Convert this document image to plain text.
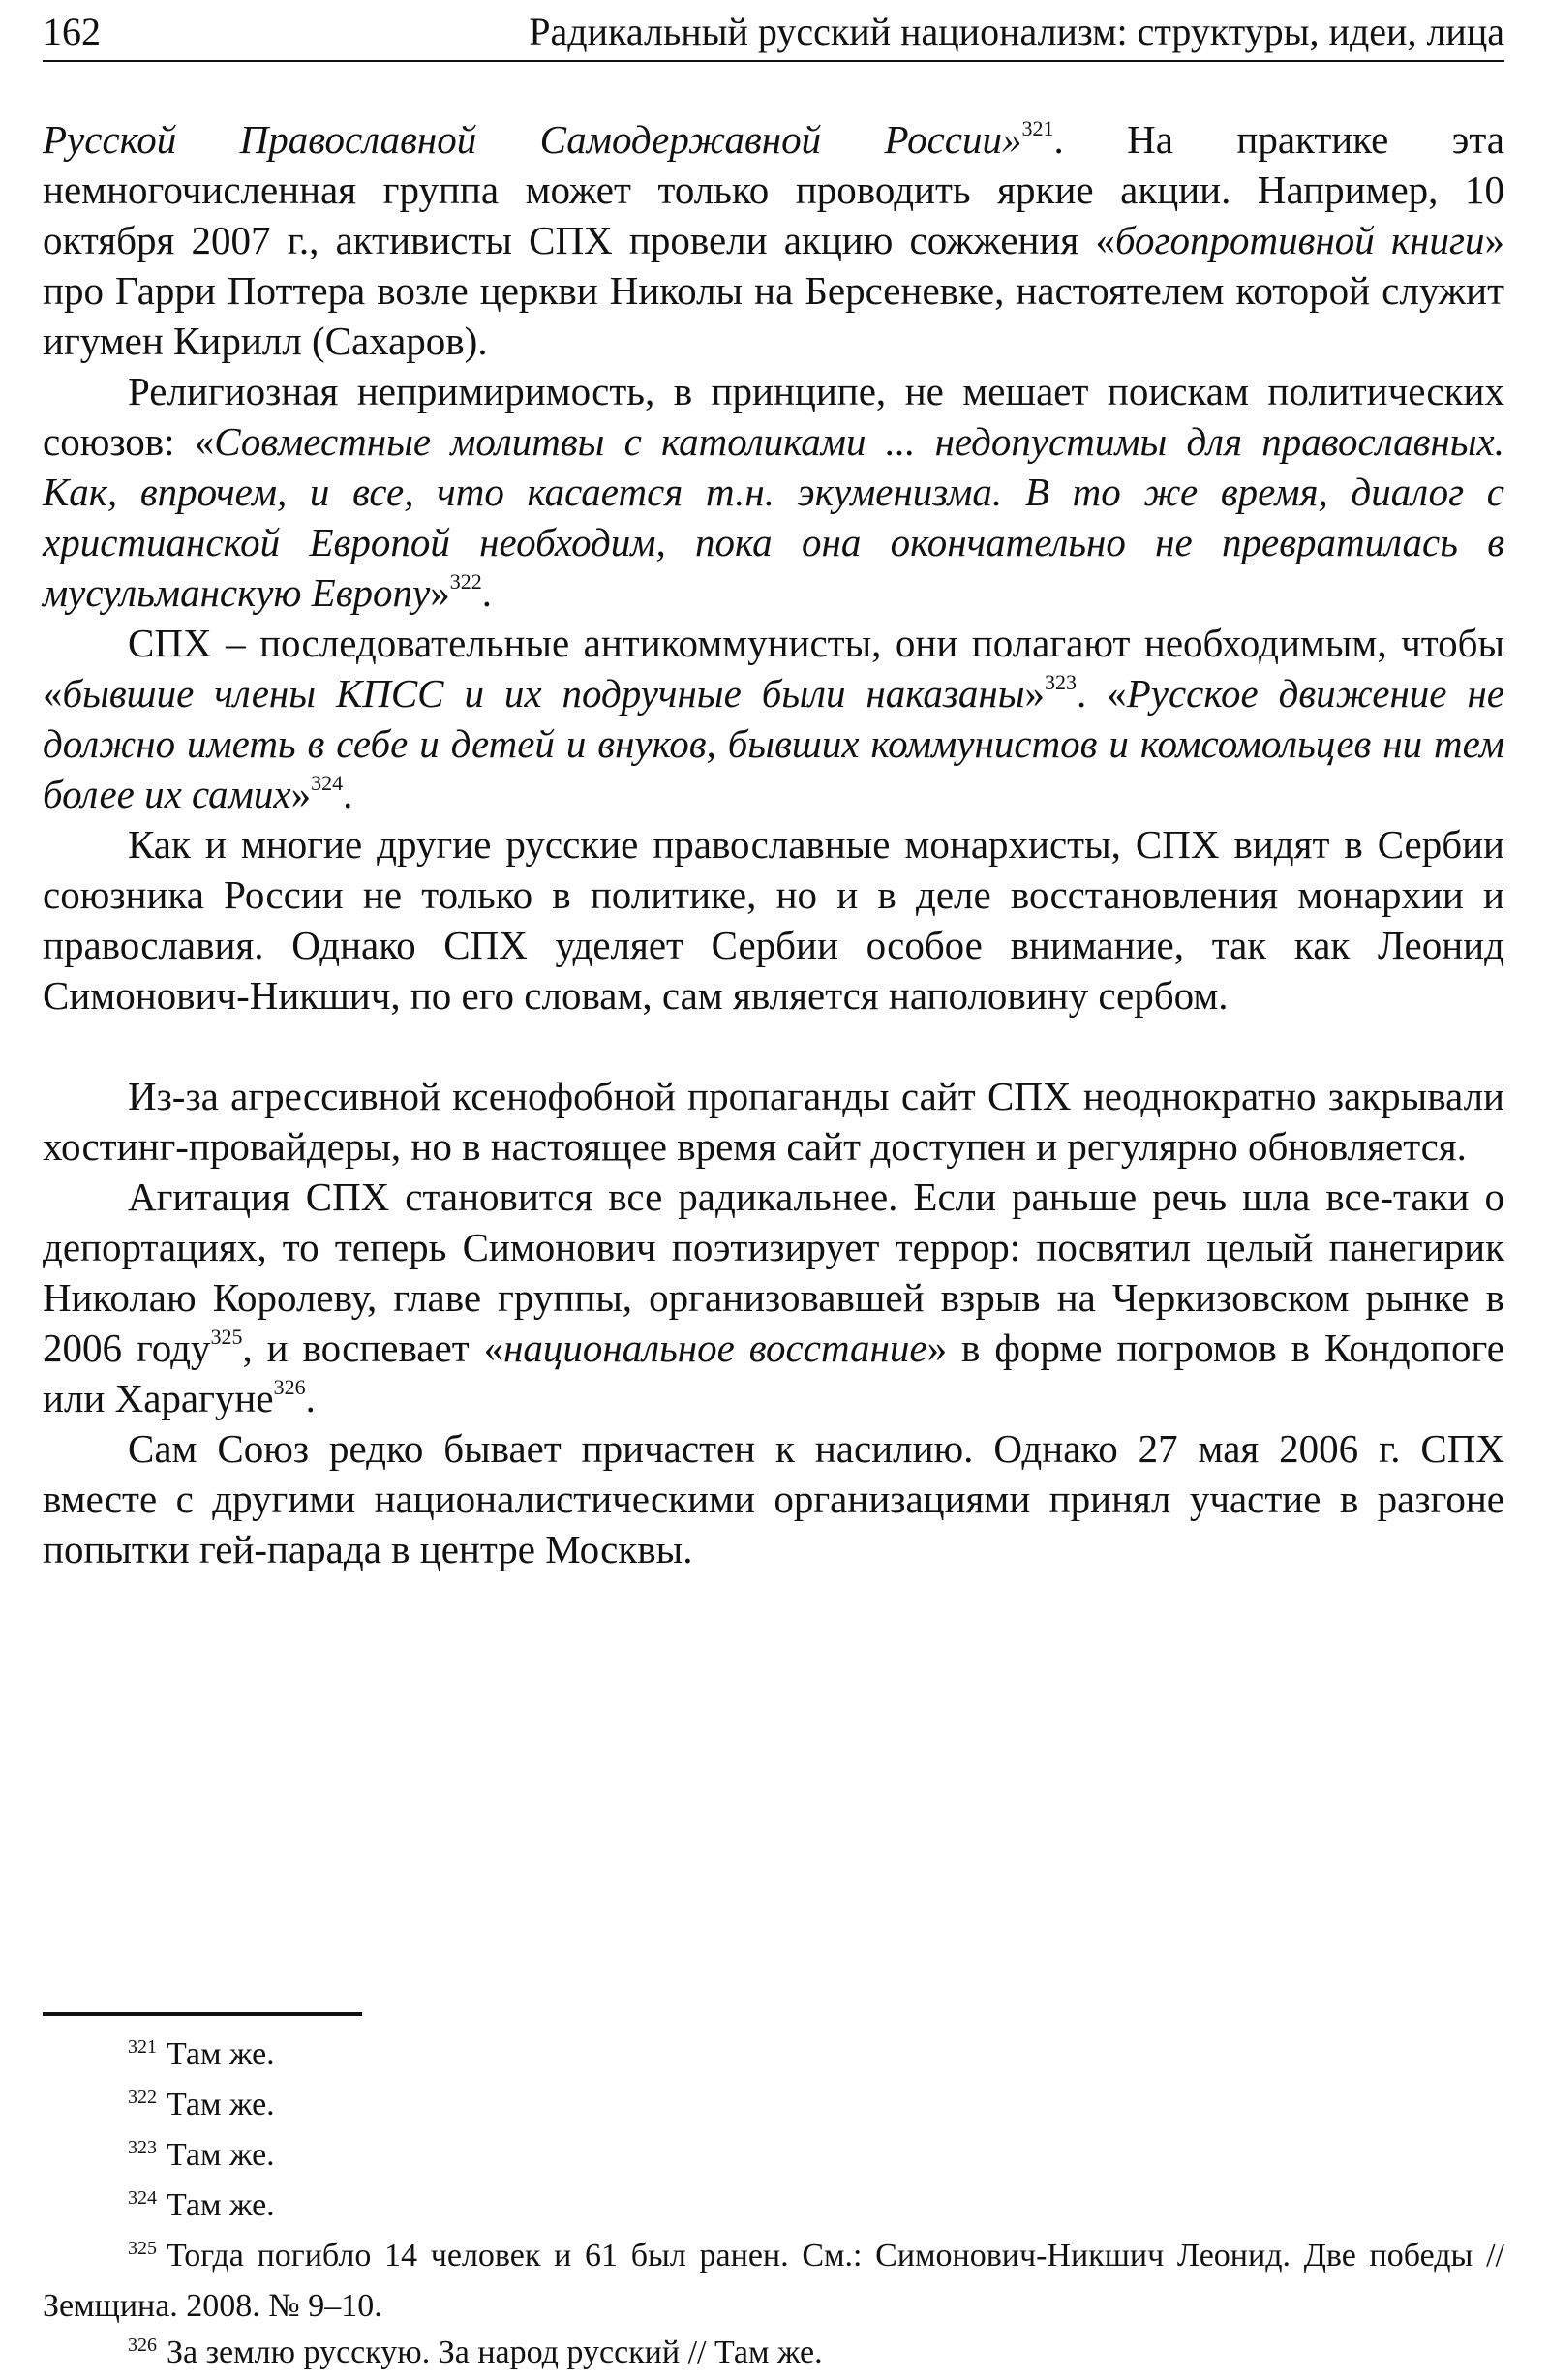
162	Радикальный русский национализм: структуры, идеи, лица

Русской Православной Самодержавной России»$^{321}$. На практике эта немногочисленная группа может только проводить яркие акции. Например, 10 октября 2007 г., активисты СПХ провели акцию сожжения «богопротивной книги» про Гарри Поттера возле церкви Николы на Берсеневке, настоятелем которой служит игумен Кирилл (Сахаров).

Религиозная непримиримость, в принципе, не мешает поискам политических союзов: «Совместные молитвы с католиками ... недопустимы для православных. Как, впрочем, и все, что касается т.н. экуменизма. В то же время, диалог с христианской Европой необходим, пока она окончательно не превратилась в мусульманскую Европу»$^{322}$.

СПХ – последовательные антикоммунисты, они полагают необходимым, чтобы «бывшие члены КПСС и их подручные были наказаны»$^{323}$. «Русское движение не должно иметь в себе и детей и внуков, бывших коммунистов и комсомольцев ни тем более их самих»$^{324}$.

Как и многие другие русские православные монархисты, СПХ видят в Сербии союзника России не только в политике, но и в деле восстановления монархии и православия. Однако СПХ уделяет Сербии особое внимание, так как Леонид Симонович-Никшич, по его словам, сам является наполовину сербом.

Из-за агрессивной ксенофобной пропаганды сайт СПХ неоднократно закрывали хостинг-провайдеры, но в настоящее время сайт доступен и регулярно обновляется.

Агитация СПХ становится все радикальнее. Если раньше речь шла все-таки о депортациях, то теперь Симонович поэтизирует террор: посвятил целый панегирик Николаю Королеву, главе группы, организовавшей взрыв на Черкизовском рынке в 2006 году$^{325}$, и воспевает «национальное восстание» в форме погромов в Кондопоге или Харагуне$^{326}$.

Сам Союз редко бывает причастен к насилию. Однако 27 мая 2006 г. СПХ вместе с другими националистическими организациями принял участие в разгоне попытки гей-парада в центре Москвы.

$^{321}$ Там же.

$^{322}$ Там же.

$^{323}$ Там же.

$^{324}$ Там же.

$^{325}$ Тогда погибло 14 человек и 61 был ранен. См.: Симонович-Никшич Леонид. Две победы // Земщина. 2008. № 9–10.

$^{326}$ За землю русскую. За народ русский // Там же.
